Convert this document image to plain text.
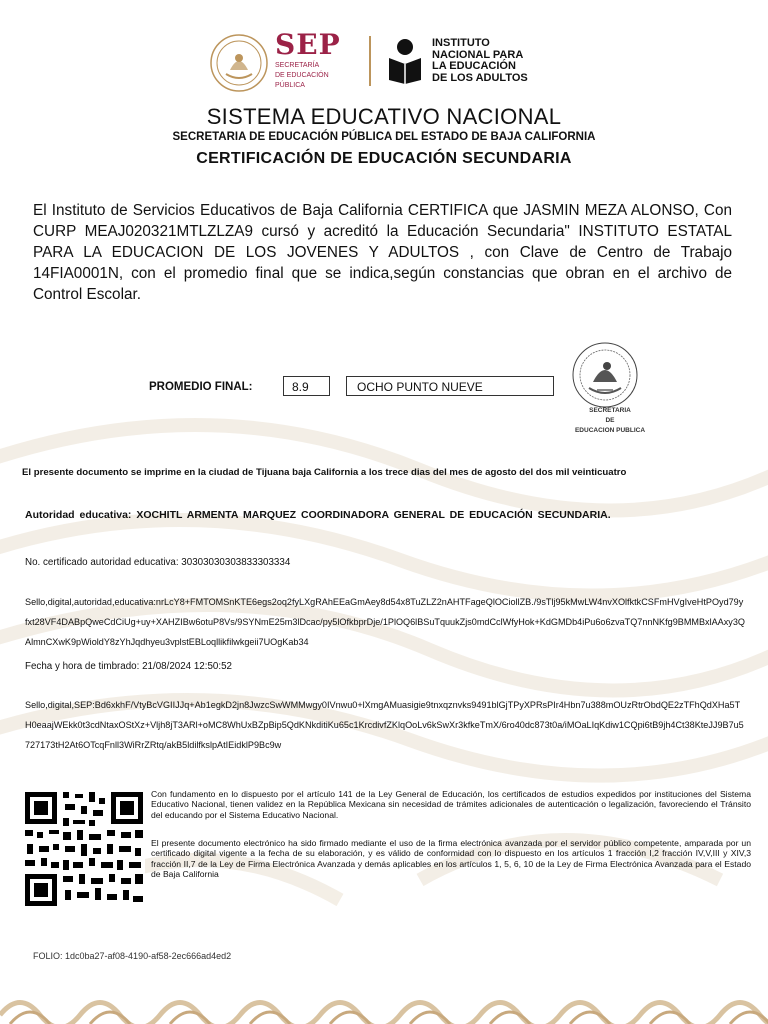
SEP
SECRETARÍA
DE EDUCACIÓN
PÚBLICA
INSTITUTO
NACIONAL PARA
LA EDUCACIÓN
DE LOS ADULTOS
SISTEMA EDUCATIVO NACIONAL
SECRETARIA DE EDUCACIÓN PÚBLICA DEL ESTADO DE BAJA CALIFORNIA
CERTIFICACIÓN DE EDUCACIÓN SECUNDARIA
El Instituto de Servicios Educativos de Baja California CERTIFICA que JASMIN MEZA ALONSO, Con CURP MEAJ020321MTLZLZA9 cursó y acreditó la Educación Secundaria" INSTITUTO ESTATAL PARA LA EDUCACION DE LOS JOVENES Y ADULTOS , con Clave de Centro de Trabajo 14FIA0001N, con el promedio final que se indica,según constancias que obran en el archivo de Control Escolar.
PROMEDIO FINAL:	8.9	OCHO PUNTO NUEVE
SECRETARIA
DE
EDUCACION PUBLICA
El presente documento se imprime en la ciudad de Tijuana baja California a los trece dias del mes de agosto del dos mil veinticuatro
Autoridad educativa: XOCHITL ARMENTA MARQUEZ COORDINADORA GENERAL DE EDUCACIÓN SECUNDARIA.
No. certificado autoridad educativa: 30303030303833303334
Sello,digital,autoridad,educativa:nrLcY8+FMTOMSnKTE6egs2oq2fyLXgRAhEEaGmAey8d54x8TuZLZ2nAHTFageQlOCiollZB./9sTlj95kMwLW4nvXOlfktkCSFmHVgIveHtPOyd79yfxt28VF4DABpQweCdCiUg+uy+XAHZIBw6otuP8Vs/9SYNmE25m3lDcac/py5lOfkbprDje/1PlOQ6lBSuTquukZjs0mdCclWfyHok+KdGMDb4iPu6o6zvaTQ7nnNKfg9BMMBxlAAxy3QAlmnCXwK9pWioldY8zYhJqdhyeu3vplstEBLoqllikfilwkgeii7UOgKab34
Fecha y hora de timbrado: 21/08/2024 12:50:52
Sello,digital,SEP:Bd6xkhF/VtyBcVGIIJJq+Ab1egkD2jn8JwzcSwWMMwgy0IVnwu0+lXmgAMuasigie9tnxqznvks9491blGjTPyXPRsPIr4Hbn7u388mOUzRtrObdQE2zTFhQdXHa5TH0eaajWEkk0t3cdNtaxOStXz+Vljh8jT3ARl+oMC8WhUxBZpBip5QdKNkditiKu65c1KrcdivfZKlqOoLv6kSwXr3kfkeTmX/6ro40dc873t0a/iMOaLIqKdiw1CQpi6tB9jh4Ct38KteJJ9B7u5727173tH2At6OTcqFnll3WiRrZRtq/akB5ldilfkslpAtIEidklP9Bc9w
Con fundamento en lo dispuesto por el artículo 141 de la Ley General de Educación, los certificados de estudios expedidos por instituciones del Sistema Educativo Nacional, tienen validez en la República Mexicana sin necesidad de trámites adicionales de autenticación o legalización, favoreciendo el Tránsito del educando por el Sistema Educativo Nacional.
El presente documento electrónico ha sido firmado mediante el uso de la firma electrónica avanzada por el servidor público competente, amparada por un certificado digital vigente a la fecha de su elaboración, y es válido de conformidad con lo dispuesto en los artículos 1 fracción I,2 fracción IV,V,III y XIV,3 fracción II,7 de la Ley de Firma Electrónica Avanzada y demás aplicables en los artículos 1, 5, 6, 10 de la Ley de Firma Electrónica Avanzada para el Estado de Baja California
FOLIO: 1dc0ba27-af08-4190-af58-2ec666ad4ed2
